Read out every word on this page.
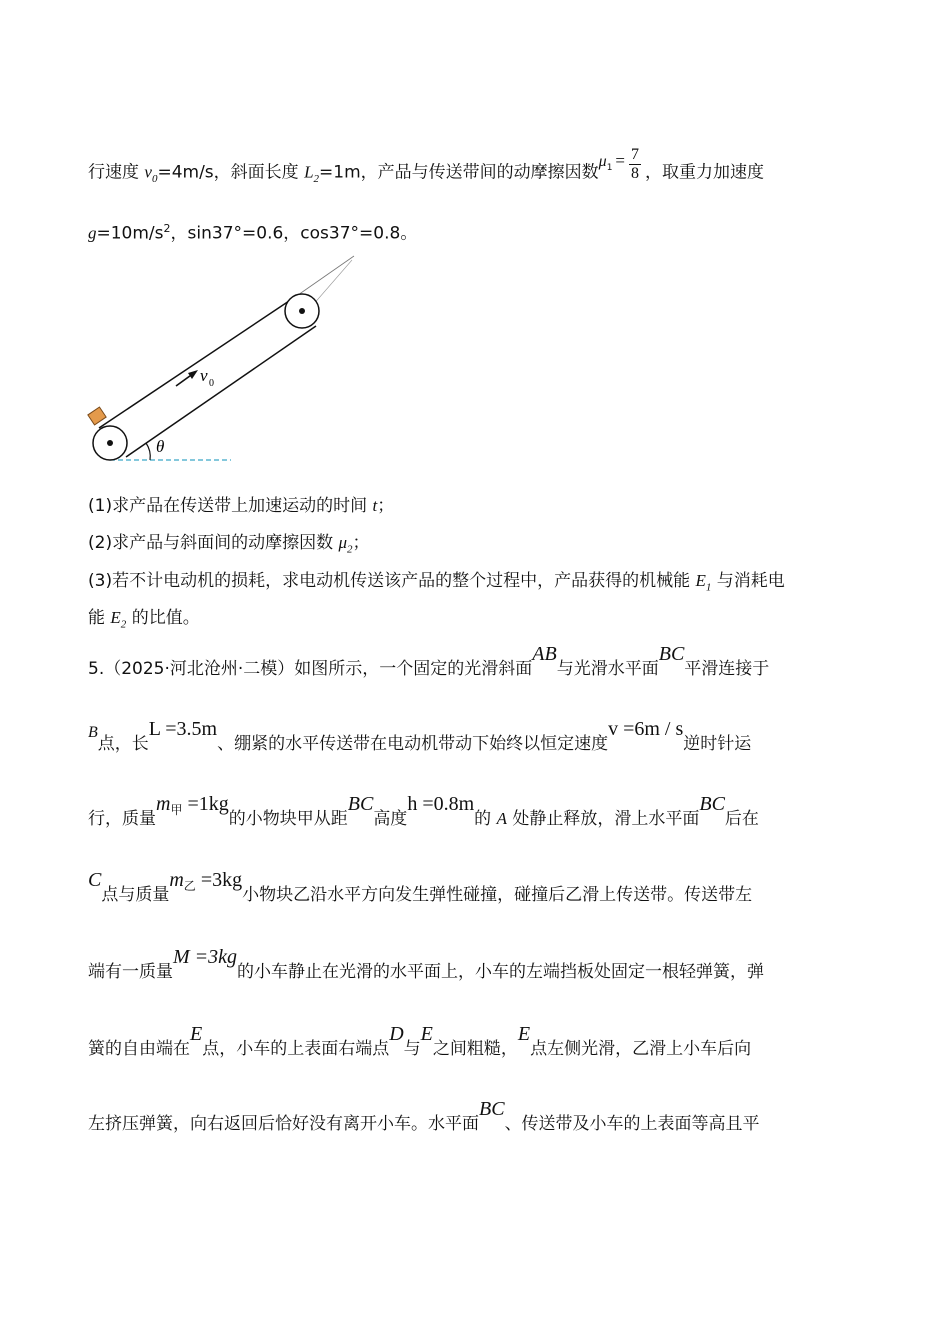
行速度 $v_0=4m/s$，斜面长度 $L_2=1m$，产品与传送带间的动摩擦因数$\mu_1 = \frac{7}{8}$ ，取重力加速度
$g=10m/s^2$，sin37°=0.6，cos37°=0.8。
v 0
θ
(1)求产品在传送带上加速运动的时间 t；
(2)求产品与斜面间的动摩擦因数 $\mu_2$；
(3)若不计电动机的损耗，求电动机传送该产品的整个过程中，产品获得的机械能 $E_1$ 与消耗电
能 $E_2$ 的比值。
5.（2025·河北沧州·二模）如图所示，一个固定的光滑斜面AB与光滑水平面BC平滑连接于
B点，长L =3.5m、绷紧的水平传送带在电动机带动下始终以恒定速度v =6m / s逆时针运
行，质量$m_甲 =1kg$的小物块甲从距BC高度h =0.8m的 A 处静止释放，滑上水平面BC后在
C点与质量$m_乙 =3kg$小物块乙沿水平方向发生弹性碰撞，碰撞后乙滑上传送带。传送带左
端有一质量M =3kg的小车静止在光滑的水平面上，小车的左端挡板处固定一根轻弹簧，弹
簧的自由端在E点，小车的上表面右端点D与E之间粗糙，E点左侧光滑，乙滑上小车后向
左挤压弹簧，向右返回后恰好没有离开小车。水平面BC、传送带及小车的上表面等高且平
